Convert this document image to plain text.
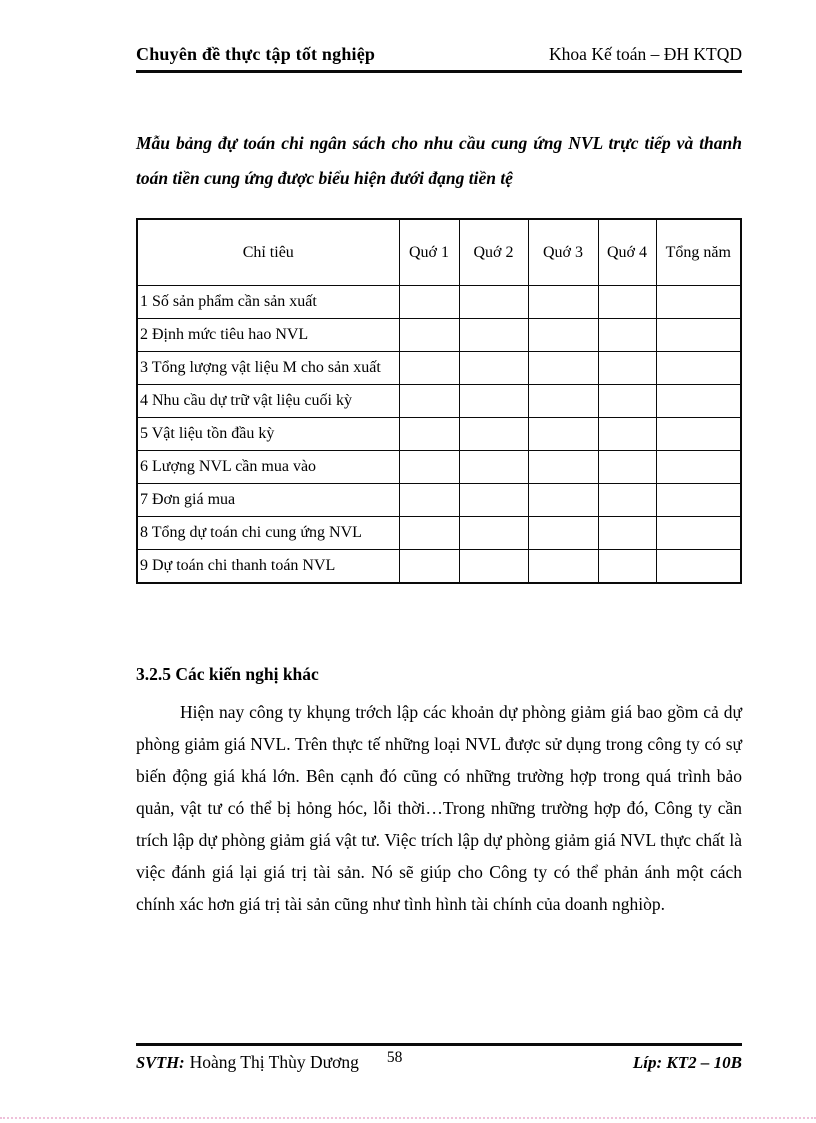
Chuyên đề thực tập tốt nghiệp	Khoa Kế toán – ĐH KTQD
Mẫu bảng đự toán chi ngân sách cho nhu cầu cung ứng NVL trực tiếp và thanh toán tiền cung ứng được biểu hiện đưới đạng tiền tệ
Chỉ tiêu	Quớ 1	Quớ 2	Quớ 3	Quớ 4	Tổng năm
1 Số sản phẩm cần sản xuất					
2 Định mức tiêu hao NVL					
3 Tổng lượng vật liệu M cho sản xuất					
4 Nhu cầu dự trữ vật liệu cuối kỳ					
5 Vật liệu tồn đầu kỳ					
6 Lượng NVL cần mua vào					
7 Đơn giá mua					
8 Tổng dự toán chi cung ứng NVL					
9 Dự toán chi thanh toán NVL					
3.2.5 Các kiến nghị khác
Hiện nay công ty khụng trớch lập các khoản dự phòng giảm giá bao gồm cả dự phòng giảm giá NVL. Trên thực tế những loại NVL được sử dụng trong công ty có sự biến động giá khá lớn. Bên cạnh đó cũng có những trường hợp trong quá trình bảo quản, vật tư có thể bị hỏng hóc, lỗi thời…Trong những trường hợp đó, Công ty cần trích lập dự phòng giảm giá vật tư. Việc trích lập dự phòng giảm giá NVL thực chất là việc đánh giá lại giá trị tài sản. Nó sẽ giúp cho Công ty có thể phản ánh một cách chính xác hơn giá trị tài sản cũng như tình hình tài chính của doanh nghiòp.
SVTH: Hoàng Thị Thùy Dương 58	Líp: KT2 – 10B
